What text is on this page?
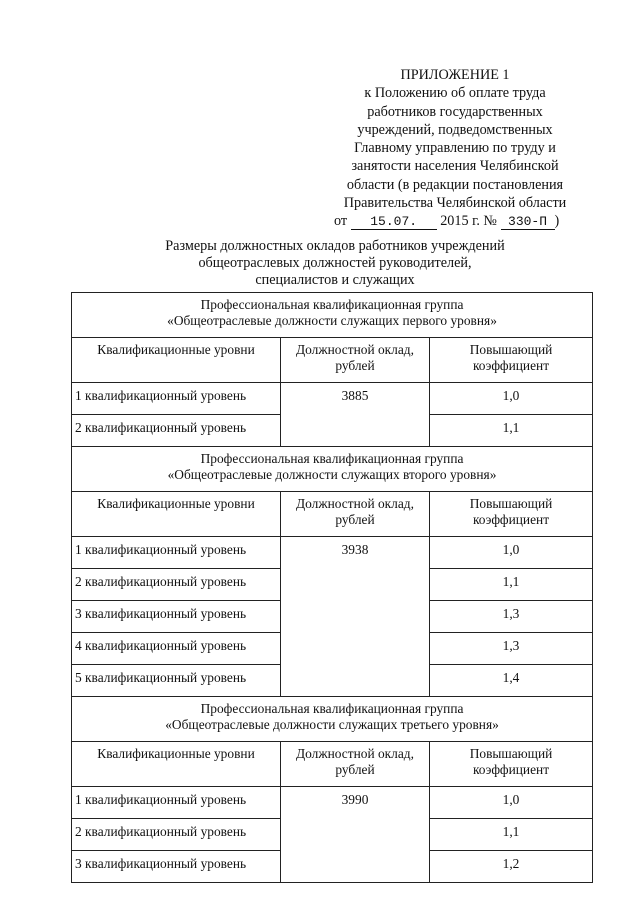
ПРИЛОЖЕНИЕ 1
к Положению об оплате труда
работников государственных
учреждений, подведомственных
Главному управлению по труду и
занятости населения Челябинской
области (в редакции постановления
Правительства Челябинской области
от 15.07. 2015 г. № 330-П )
Размеры должностных окладов работников учреждений
общеотраслевых должностей руководителей,
специалистов и служащих
Профессиональная квалификационная группа
«Общеотраслевые должности служащих первого уровня»		

Квалификационные уровни	Должностной оклад, рублей	Повышающий коэффициент
1 квалификационный уровень	3885	1,0
2 квалификационный уровень		1,1

Профессиональная квалификационная группа
«Общеотраслевые должности служащих второго уровня»		

Квалификационные уровни	Должностной оклад, рублей	Повышающий коэффициент
1 квалификационный уровень	3938	1,0
2 квалификационный уровень		1,1
3 квалификационный уровень		1,3
4 квалификационный уровень		1,3
5 квалификационный уровень		1,4

Профессиональная квалификационная группа
«Общеотраслевые должности служащих третьего уровня»		

Квалификационные уровни	Должностной оклад, рублей	Повышающий коэффициент
1 квалификационный уровень	3990	1,0
2 квалификационный уровень		1,1
3 квалификационный уровень		1,2
